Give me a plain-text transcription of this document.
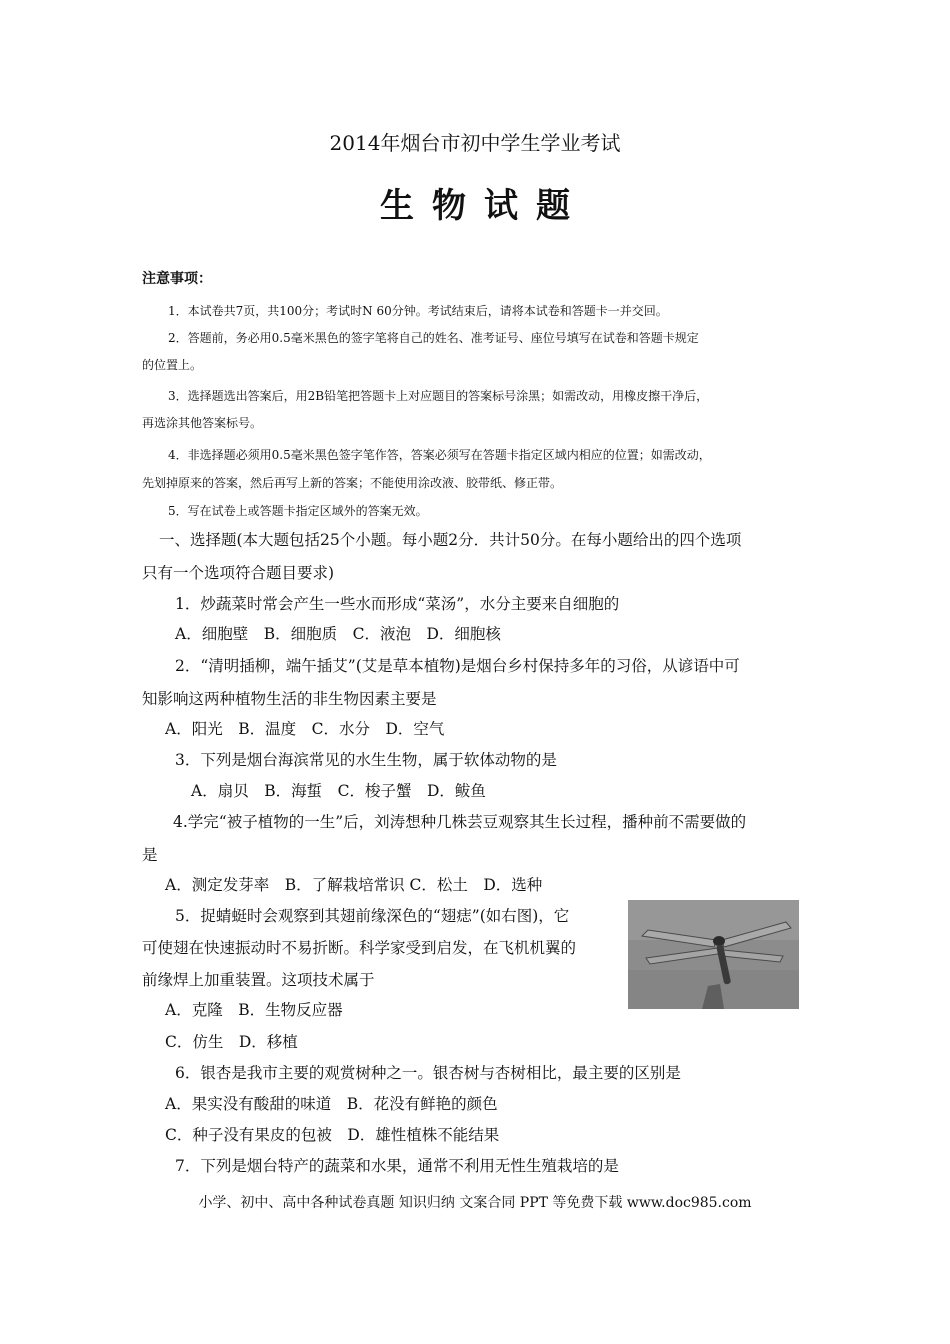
2014年烟台市初中学生学业考试
生物试题
注意事项：
1．本试卷共7页，共100分；考试时N 60分钟。考试结束后，请将本试卷和答题卡一并交回。
2．答题前，务必用0.5毫米黑色的签字笔将自己的姓名、准考证号、座位号填写在试卷和答题卡规定
的位置上。
3．选择题选出答案后，用2B铅笔把答题卡上对应题目的答案标号涂黑；如需改动，用橡皮擦干净后，
再选涂其他答案标号。
4．非选择题必须用0.5毫米黑色签字笔作答，答案必须写在答题卡指定区域内相应的位置；如需改动，
先划掉原来的答案，然后再写上新的答案；不能使用涂改液、胶带纸、修正带。
5．写在试卷上或答题卡指定区域外的答案无效。
一、选择题(本大题包括25个小题。每小题2分．共计50分。在每小题给出的四个选项
只有一个选项符合题目要求)
1．炒蔬菜时常会产生一些水而形成“菜汤”，水分主要来自细胞的
A．细胞壁　B．细胞质　C．液泡　D．细胞核
2．“清明插柳，端午插艾”(艾是草本植物)是烟台乡村保持多年的习俗，从谚语中可
知影响这两种植物生活的非生物因素主要是
A．阳光　B．温度　C．水分　D．空气
3．下列是烟台海滨常见的水生生物，属于软体动物的是
A．扇贝　B．海蜇　C．梭子蟹　D．鲅鱼
4.学完“被子植物的一生”后，刘涛想种几株芸豆观察其生长过程，播种前不需要做的
是
A．测定发芽率　B．了解栽培常识 C．松土　D．选种
5．捉蜻蜓时会观察到其翅前缘深色的“翅痣”(如右图)，它
可使翅在快速振动时不易折断。科学家受到启发，在飞机机翼的
前缘焊上加重装置。这项技术属于
A．克隆　B．生物反应器
C．仿生　D．移植
6．银杏是我市主要的观赏树种之一。银杏树与杏树相比，最主要的区别是
A．果实没有酸甜的味道　B．花没有鲜艳的颜色
C．种子没有果皮的包被　D．雄性植株不能结果
7．下列是烟台特产的蔬菜和水果，通常不利用无性生殖栽培的是
小学、初中、高中各种试卷真题 知识归纳 文案合同 PPT 等免费下载 www.doc985.com
